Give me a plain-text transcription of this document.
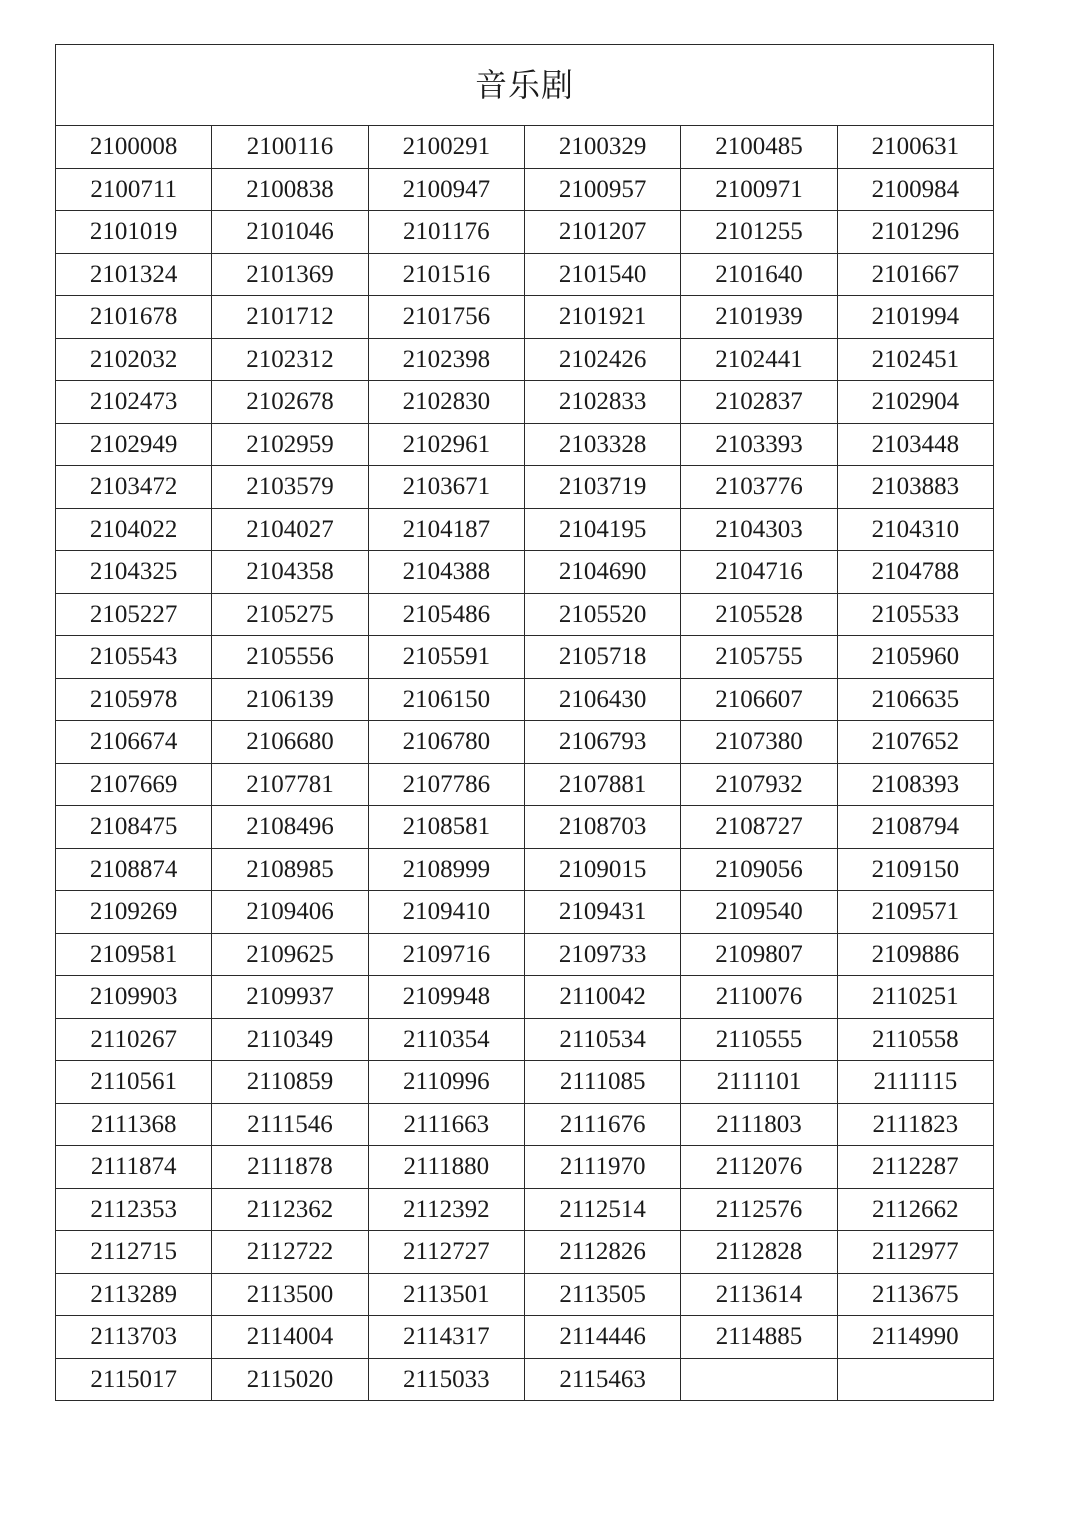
音乐剧					
2100008	2100116	2100291	2100329	2100485	2100631
2100711	2100838	2100947	2100957	2100971	2100984
2101019	2101046	2101176	2101207	2101255	2101296
2101324	2101369	2101516	2101540	2101640	2101667
2101678	2101712	2101756	2101921	2101939	2101994
2102032	2102312	2102398	2102426	2102441	2102451
2102473	2102678	2102830	2102833	2102837	2102904
2102949	2102959	2102961	2103328	2103393	2103448
2103472	2103579	2103671	2103719	2103776	2103883
2104022	2104027	2104187	2104195	2104303	2104310
2104325	2104358	2104388	2104690	2104716	2104788
2105227	2105275	2105486	2105520	2105528	2105533
2105543	2105556	2105591	2105718	2105755	2105960
2105978	2106139	2106150	2106430	2106607	2106635
2106674	2106680	2106780	2106793	2107380	2107652
2107669	2107781	2107786	2107881	2107932	2108393
2108475	2108496	2108581	2108703	2108727	2108794
2108874	2108985	2108999	2109015	2109056	2109150
2109269	2109406	2109410	2109431	2109540	2109571
2109581	2109625	2109716	2109733	2109807	2109886
2109903	2109937	2109948	2110042	2110076	2110251
2110267	2110349	2110354	2110534	2110555	2110558
2110561	2110859	2110996	2111085	2111101	2111115
2111368	2111546	2111663	2111676	2111803	2111823
2111874	2111878	2111880	2111970	2112076	2112287
2112353	2112362	2112392	2112514	2112576	2112662
2112715	2112722	2112727	2112826	2112828	2112977
2113289	2113500	2113501	2113505	2113614	2113675
2113703	2114004	2114317	2114446	2114885	2114990
2115017	2115020	2115033	2115463		
